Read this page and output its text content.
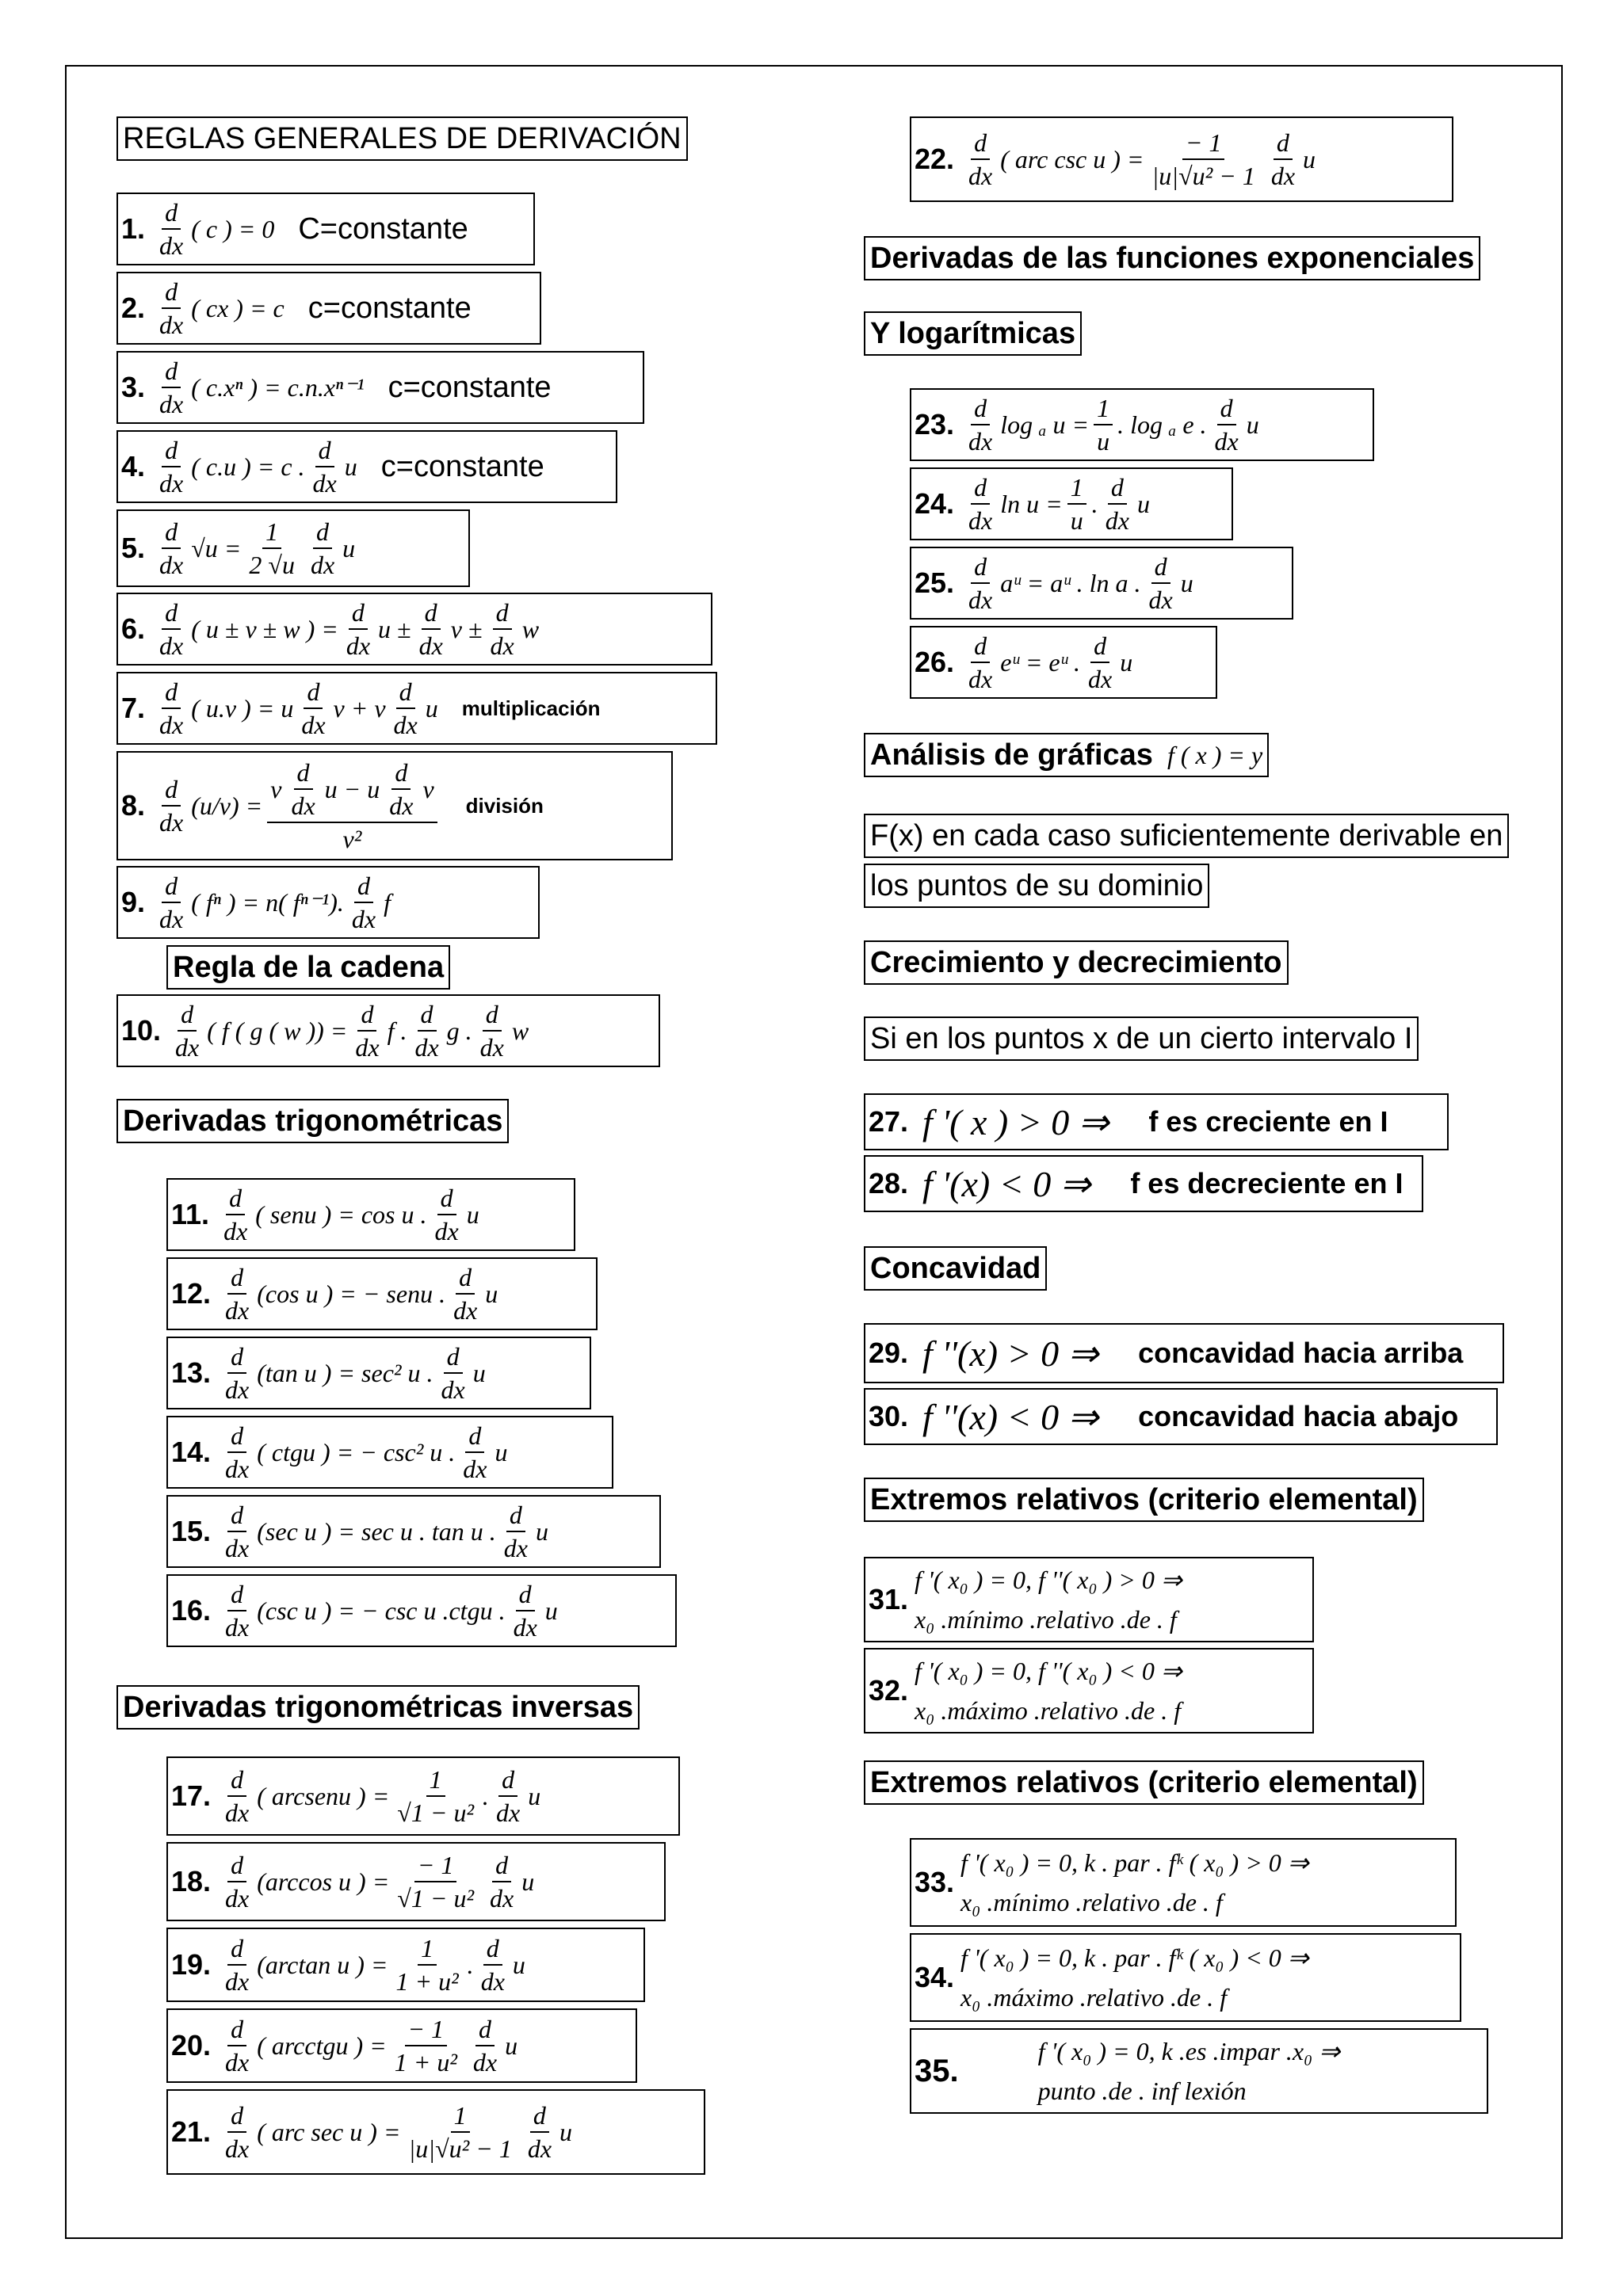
REGLAS GENERALES DE DERIVACIÓN
1. $\frac{d}{dx}$ ( c ) = 0 C=constante
2. $\frac{d}{dx}$ ( cx ) = c c=constante
3. $\frac{d}{dx}$ ( c.xⁿ ) = c.n.xⁿ⁻¹ c=constante
4. $\frac{d}{dx}$ ( c.u ) = c . $\frac{d}{dx}$ u c=constante
5. $\frac{d}{dx} √u = \frac{1}{2 √u} \frac{d}{dx}$ u
6. $\frac{d}{dx}$ ( u ± v ± w ) = $\frac{d}{dx}$ $u \pm \frac{d}{dx}$ $v \pm \frac{d}{dx}$ w
7. $\frac{d}{dx}$ ( u.v ) = u $\frac{d}{dx}$ v + v $\frac{d}{dx}$ u multiplicación
8. $\frac{d}{dx} (u/v) = \frac{v \frac{d}{dx} u - u \frac{d}{dx} v}{\text{v²}}$ división
9. $\frac{d}{dx}$ ( fⁿ ) = n( fⁿ⁻¹). $\frac{d}{dx}$ f
Regla de la cadena
10. $\frac{d}{dx}$ ( f ( g ( w )) = $\frac{d}{dx}$ f . $\frac{d}{dx}$ g . $\frac{d}{dx}$ w
Derivadas trigonométricas
11. $\frac{d}{dx}$ ( senu ) = cos u . $\frac{d}{dx}$ u
12. $\frac{d}{dx} (\cos$ u ) = − senu . $\frac{d}{dx}$ u
13. $\frac{d}{dx} (\tan$ u ) = sec² u . $\frac{d}{dx}$ u
14. $\frac{d}{dx}$ ( ctgu ) = − csc² u . $\frac{d}{dx}$ u
15. $\frac{d}{dx} (\sec$ u ) = sec u . tan u . $\frac{d}{dx}$ u
16. $\frac{d}{dx} (\csc$ u ) = − csc u .ctgu . $\frac{d}{dx}$ u
Derivadas trigonométricas inversas
17. $\frac{d}{dx}$ ( arcsenu ) = $\frac{1}{\text{√1 − u²}}$ . $\frac{d}{dx}$ u
18. $\frac{d}{dx} (\arccos$ u ) = $\frac{- 1}{\text{√1 − u²}} \frac{d}{dx}$ u
19. $\frac{d}{dx} (\arctan$ u ) = $\frac{1}{\text{1 + u²}}$ . $\frac{d}{dx}$ u
20. $\frac{d}{dx}$ ( arcctgu ) = $\frac{- 1}{\text{1 + u²}} \frac{d}{dx}$ u
21. $\frac{d}{dx}$ ( arc sec u ) = $\frac{1}{\text{|u|√u² − 1}} \frac{d}{dx}$ u
22. $\frac{d}{dx}$ ( arc csc u ) = $\frac{- 1}{\text{|u|√u² − 1}} \frac{d}{dx}$ u
Derivadas de las funciones exponenciales
Y logarítmicas
23. $\frac{d}{dx}$ log ₐ $u = \frac{1}{u}$ . log ₐ e . $\frac{d}{dx}$ u
24. $\frac{d}{dx}$ $\ln u = \frac{1}{u}$ . $\frac{d}{dx}$ u
25. $\frac{d}{dx}$ aᵘ = aᵘ . ln a . $\frac{d}{dx}$ u
26. $\frac{d}{dx}$ eᵘ = eᵘ . $\frac{d}{dx}$ u
Análisis de gráficas f ( x ) = y
F(x) en cada caso suficientemente derivable en
los puntos de su dominio
Crecimiento y decrecimiento
Si en los puntos x de un cierto intervalo I
27. f '( x ) > 0 ⇒ f es creciente en I
28. f '(x) < 0 ⇒ f es decreciente en I
Concavidad
29. f ''(x) > 0 ⇒ concavidad hacia arriba
30. f ''(x) < 0 ⇒ concavidad hacia abajo
Extremos relativos (criterio elemental)
31.
f '( x₀ ) = 0, f ''( x₀ ) > 0 ⇒
x₀ .mínimo .relativo .de . f
32.
f '( x₀ ) = 0, f ''( x₀ ) < 0 ⇒
x₀ .máximo .relativo .de . f
Extremos relativos (criterio elemental)
33.
f '( x₀ ) = 0, k . par . fᵏ ( x₀ ) > 0 ⇒
x₀ .mínimo .relativo .de . f
34.
f '( x₀ ) = 0, k . par . fᵏ ( x₀ ) < 0 ⇒
x₀ .máximo .relativo .de . f
35.
f '( x₀ ) = 0, k .es .impar .x₀ ⇒
punto .de . inf lexión
